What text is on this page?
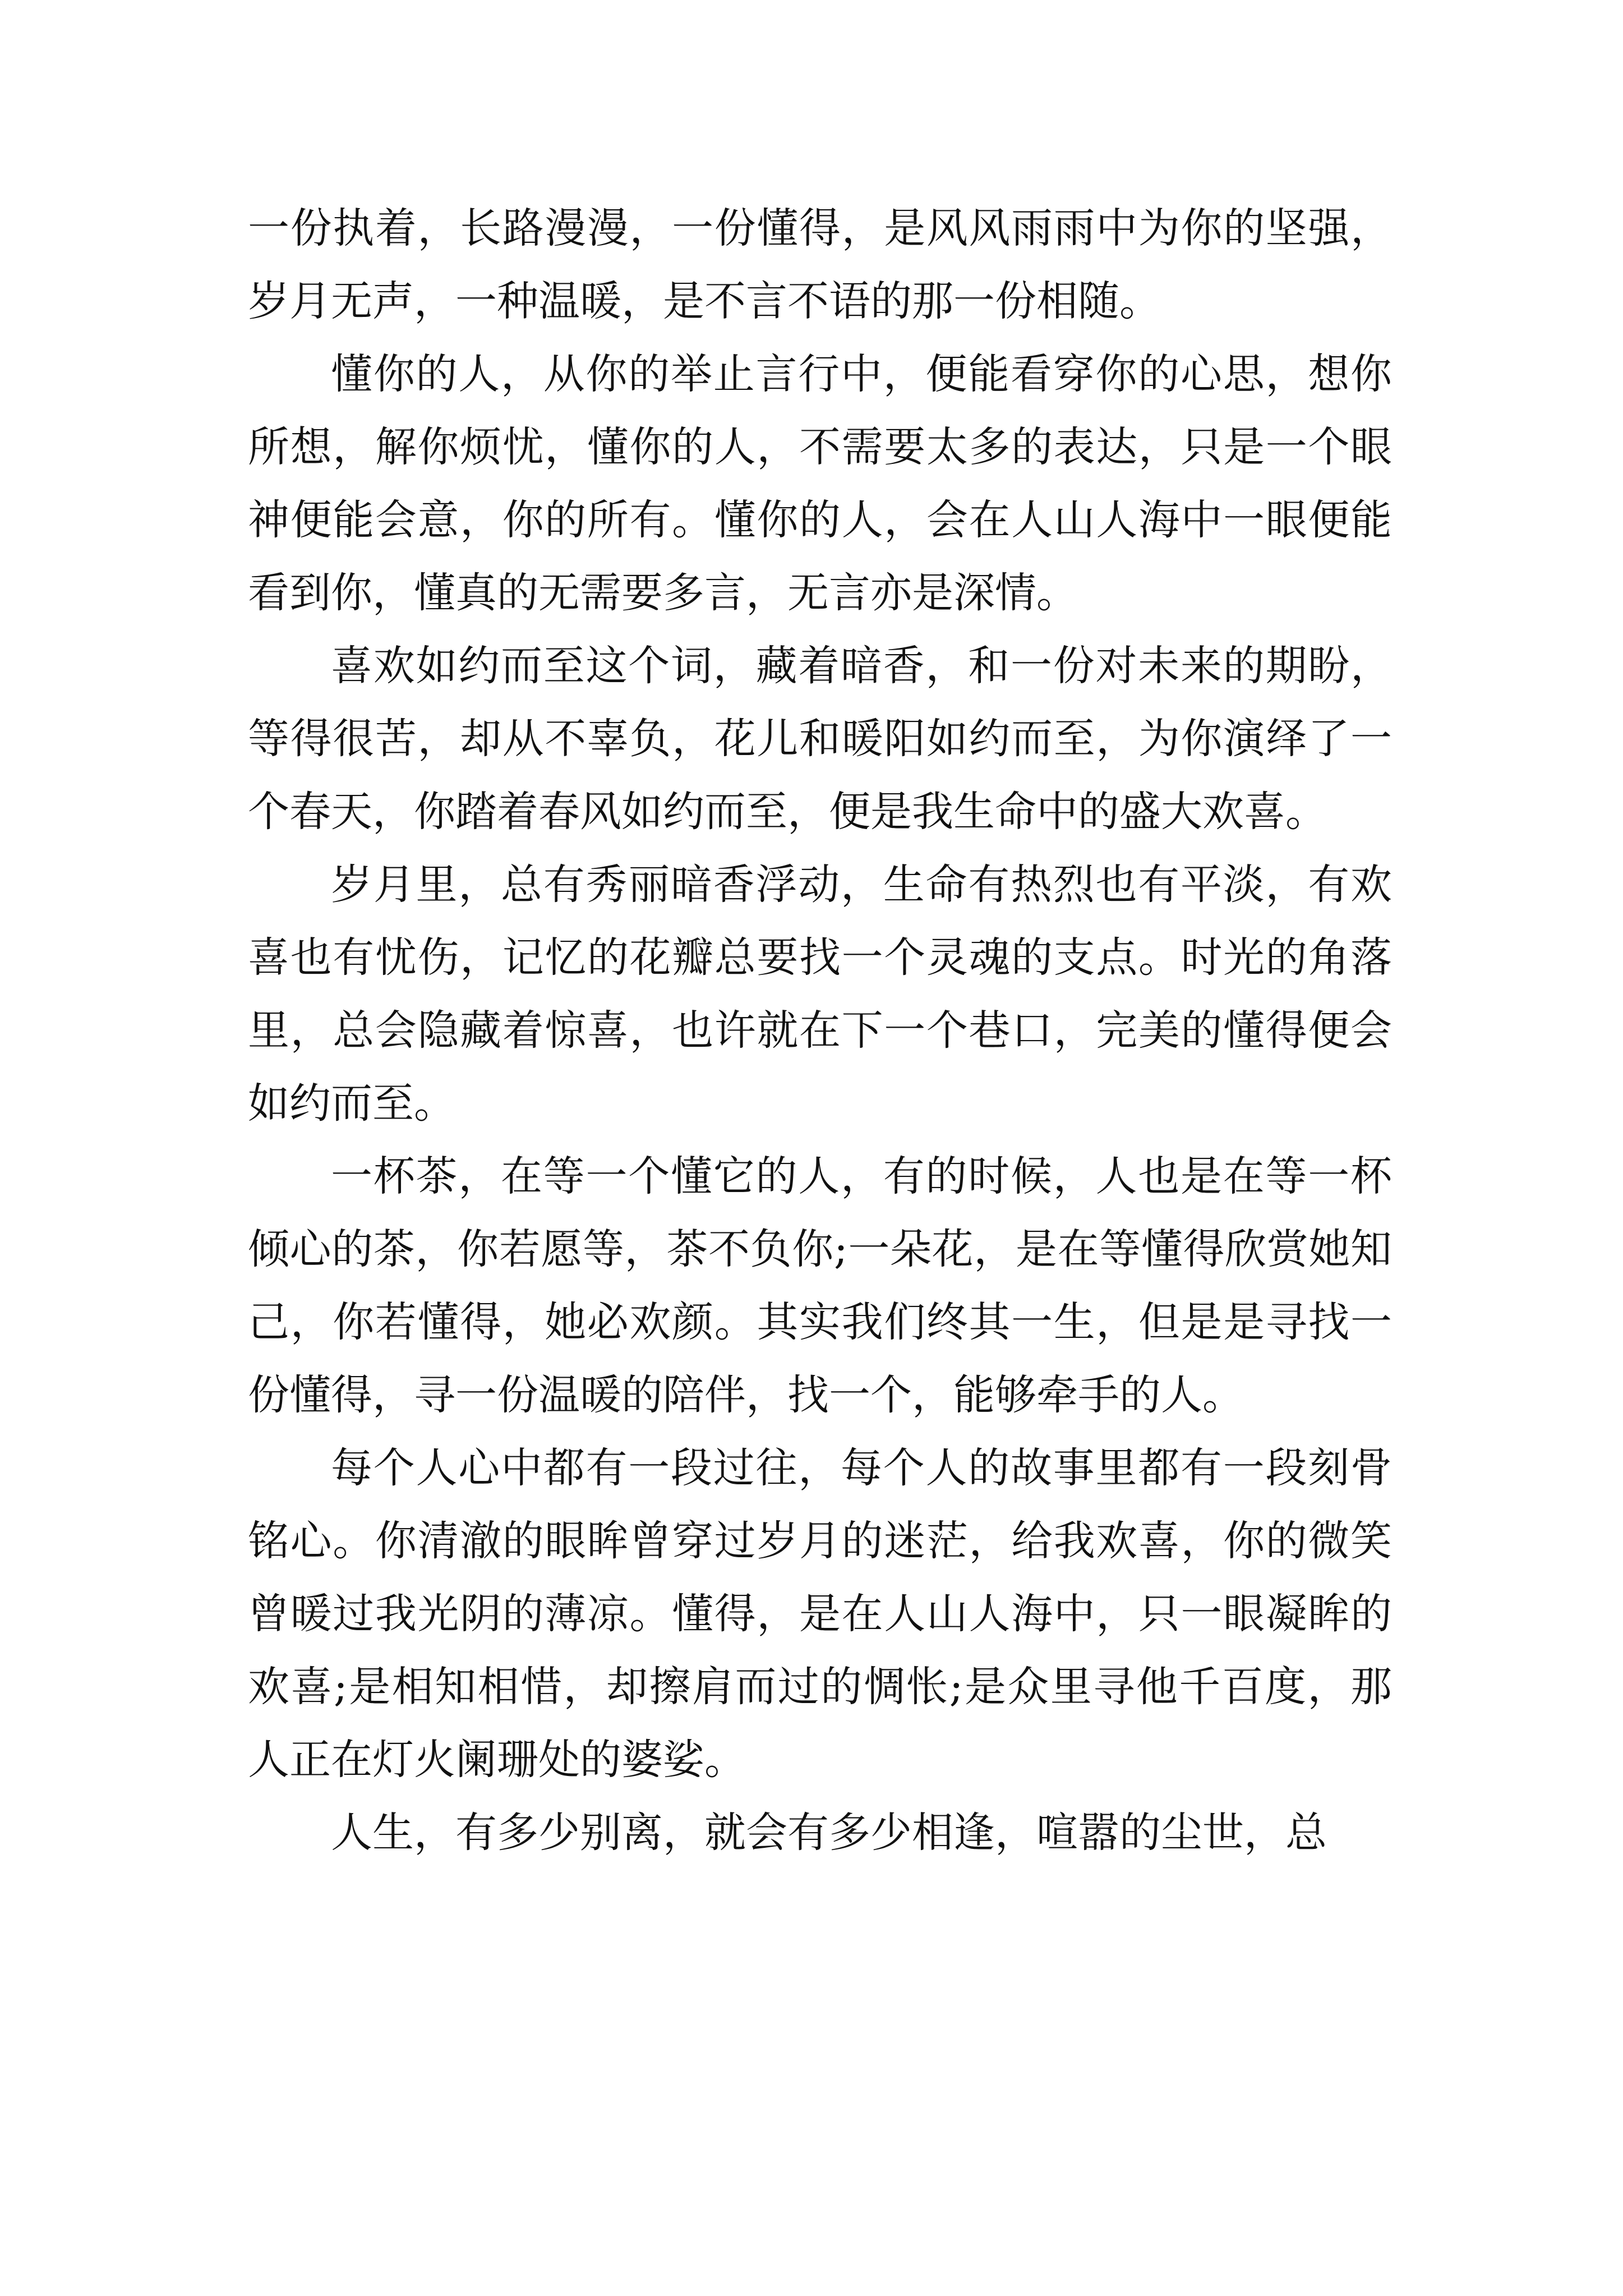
一份执着，长路漫漫，一份懂得，是风风雨雨中为你的坚强，岁月无声，一种温暖，是不言不语的那一份相随。

懂你的人，从你的举止言行中，便能看穿你的心思，想你所想，解你烦忧，懂你的人，不需要太多的表达，只是一个眼神便能会意，你的所有。懂你的人，会在人山人海中一眼便能看到你，懂真的无需要多言，无言亦是深情。

喜欢如约而至这个词，藏着暗香，和一份对未来的期盼，等得很苦，却从不辜负，花儿和暖阳如约而至，为你演绎了一个春天，你踏着春风如约而至，便是我生命中的盛大欢喜。

岁月里，总有秀丽暗香浮动，生命有热烈也有平淡，有欢喜也有忧伤，记忆的花瓣总要找一个灵魂的支点。时光的角落里，总会隐藏着惊喜，也许就在下一个巷口，完美的懂得便会如约而至。

一杯茶，在等一个懂它的人，有的时候，人也是在等一杯倾心的茶，你若愿等，茶不负你;一朵花，是在等懂得欣赏她知己，你若懂得，她必欢颜。其实我们终其一生，但是是寻找一份懂得，寻一份温暖的陪伴，找一个，能够牵手的人。

每个人心中都有一段过往，每个人的故事里都有一段刻骨铭心。你清澈的眼眸曾穿过岁月的迷茫，给我欢喜，你的微笑曾暖过我光阴的薄凉。懂得，是在人山人海中，只一眼凝眸的欢喜;是相知相惜，却擦肩而过的惆怅;是众里寻他千百度，那人正在灯火阑珊处的婆娑。

人生，有多少别离，就会有多少相逢，喧嚣的尘世，总
